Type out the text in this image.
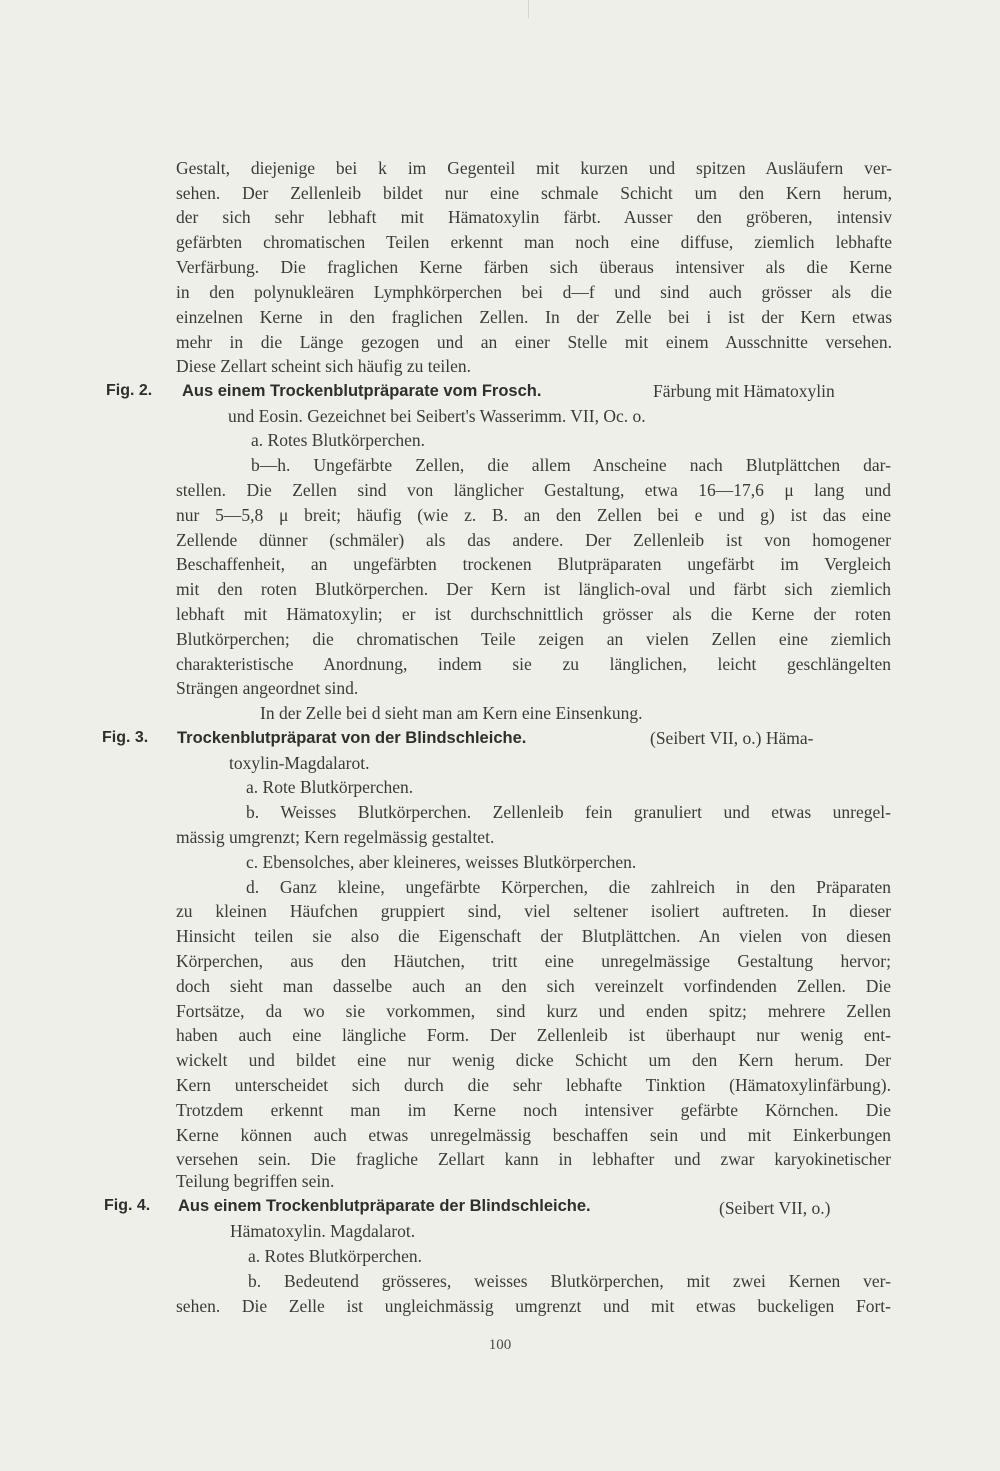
Gestalt, diejenige bei k im Gegenteil mit kurzen und spitzen Ausläufern ver-
sehen. Der Zellenleib bildet nur eine schmale Schicht um den Kern herum,
der sich sehr lebhaft mit Hämatoxylin färbt. Ausser den gröberen, intensiv
gefärbten chromatischen Teilen erkennt man noch eine diffuse, ziemlich lebhafte
Verfärbung. Die fraglichen Kerne färben sich überaus intensiver als die Kerne
in den polynukleären Lymphkörperchen bei d—f und sind auch grösser als die
einzelnen Kerne in den fraglichen Zellen. In der Zelle bei i ist der Kern etwas
mehr in die Länge gezogen und an einer Stelle mit einem Ausschnitte versehen.
Diese Zellart scheint sich häufig zu teilen.
Fig. 2. Aus einem Trockenblutpräparate vom Frosch.	Färbung mit Hämatoxylin
und Eosin. Gezeichnet bei Seibert's Wasserimm. VII, Oc. o.
a. Rotes Blutkörperchen.
b—h. Ungefärbte Zellen, die allem Anscheine nach Blutplättchen dar-
stellen. Die Zellen sind von länglicher Gestaltung, etwa 16—17,6 μ lang und
nur 5—5,8 μ breit; häufig (wie z. B. an den Zellen bei e und g) ist das eine
Zellende dünner (schmäler) als das andere. Der Zellenleib ist von homogener
Beschaffenheit, an ungefärbten trockenen Blutpräparaten ungefärbt im Vergleich
mit den roten Blutkörperchen. Der Kern ist länglich-oval und färbt sich ziemlich
lebhaft mit Hämatoxylin; er ist durchschnittlich grösser als die Kerne der roten
Blutkörperchen; die chromatischen Teile zeigen an vielen Zellen eine ziemlich
charakteristische Anordnung, indem sie zu länglichen, leicht geschlängelten
Strängen angeordnet sind.
In der Zelle bei d sieht man am Kern eine Einsenkung.
Fig. 3. Trockenblutpräparat von der Blindschleiche.	(Seibert VII, o.) Häma-
toxylin-Magdalarot.
a. Rote Blutkörperchen.
b. Weisses Blutkörperchen. Zellenleib fein granuliert und etwas unregel-
mässig umgrenzt; Kern regelmässig gestaltet.
c. Ebensolches, aber kleineres, weisses Blutkörperchen.
d. Ganz kleine, ungefärbte Körperchen, die zahlreich in den Präparaten
zu kleinen Häufchen gruppiert sind, viel seltener isoliert auftreten. In dieser
Hinsicht teilen sie also die Eigenschaft der Blutplättchen. An vielen von diesen
Körperchen, aus den Häutchen, tritt eine unregelmässige Gestaltung hervor;
doch sieht man dasselbe auch an den sich vereinzelt vorfindenden Zellen. Die
Fortsätze, da wo sie vorkommen, sind kurz und enden spitz; mehrere Zellen
haben auch eine längliche Form. Der Zellenleib ist überhaupt nur wenig ent-
wickelt und bildet eine nur wenig dicke Schicht um den Kern herum. Der
Kern unterscheidet sich durch die sehr lebhafte Tinktion (Hämatoxylinfärbung).
Trotzdem erkennt man im Kerne noch intensiver gefärbte Körnchen. Die
Kerne können auch etwas unregelmässig beschaffen sein und mit Einkerbungen
versehen sein. Die fragliche Zellart kann in lebhafter und zwar karyokinetischer
Teilung begriffen sein.
Fig. 4. Aus einem Trockenblutpräparate der Blindschleiche.	(Seibert VII, o.)
Hämatoxylin. Magdalarot.
a. Rotes Blutkörperchen.
b. Bedeutend grösseres, weisses Blutkörperchen, mit zwei Kernen ver-
sehen. Die Zelle ist ungleichmässig umgrenzt und mit etwas buckeligen Fort-
100
